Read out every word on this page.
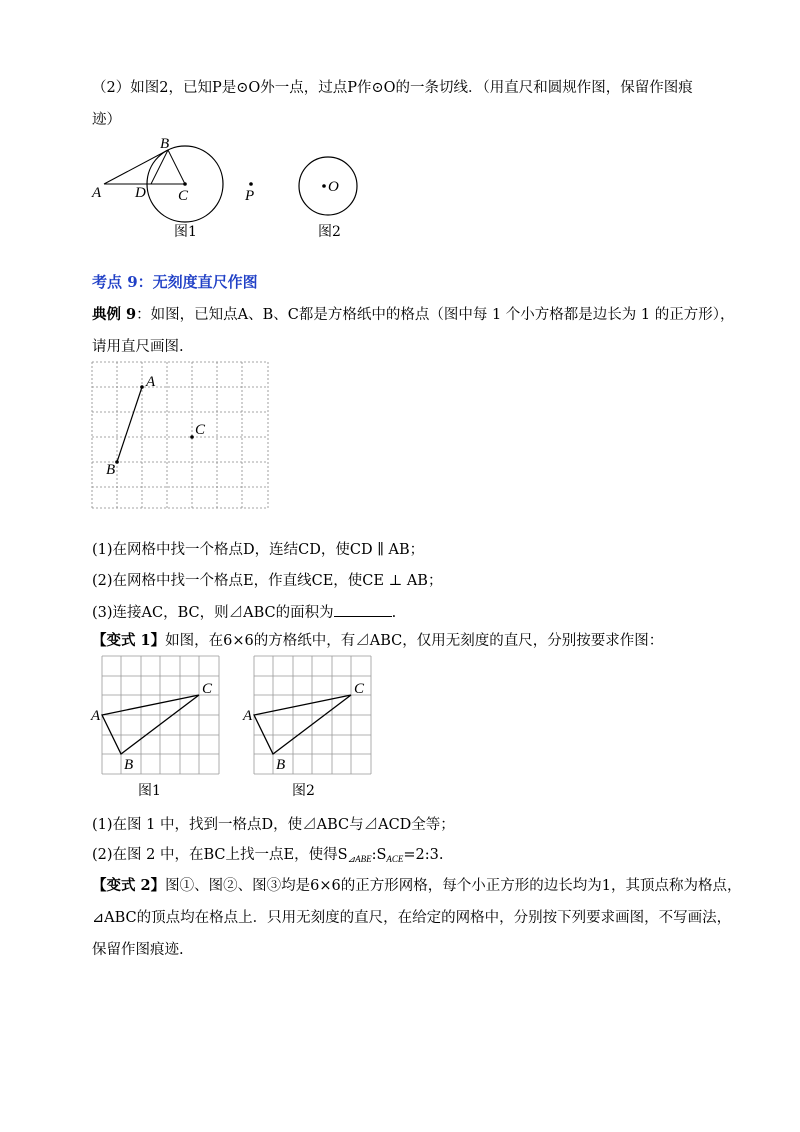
（2）如图2，已知P是⊙O外一点，过点P作⊙O的一条切线．（用直尺和圆规作图，保留作图痕
迹）
A
B
D C
图1
P
O
图2
考点 9：无刻度直尺作图
典例 9：如图，已知点A、B、C都是方格纸中的格点（图中每 1 个小方格都是边长为 1 的正方形），
请用直尺画图.
A
B
C
(1)在网格中找一个格点D，连结CD，使CD ∥ AB；
(2)在网格中找一个格点E，作直线CE，使CE ⊥ AB；
(3)连接AC，BC，则⊿ABC的面积为	.
【变式 1】如图，在6×6的方格纸中，有⊿ABC，仅用无刻度的直尺，分别按要求作图：
A
B
C
图1
A
B
C
图2
(1)在图 1 中，找到一格点D，使⊿ABC与⊿ACD全等；
(2)在图 2 中，在BC上找一点E，使得$S_{⊿ABE}:S_{ACE}=2:3$.
【变式 2】图①、图②、图③均是6×6的正方形网格，每个小正方形的边长均为1，其顶点称为格点，
⊿ABC的顶点均在格点上．只用无刻度的直尺，在给定的网格中，分别按下列要求画图，不写画法，
保留作图痕迹.
